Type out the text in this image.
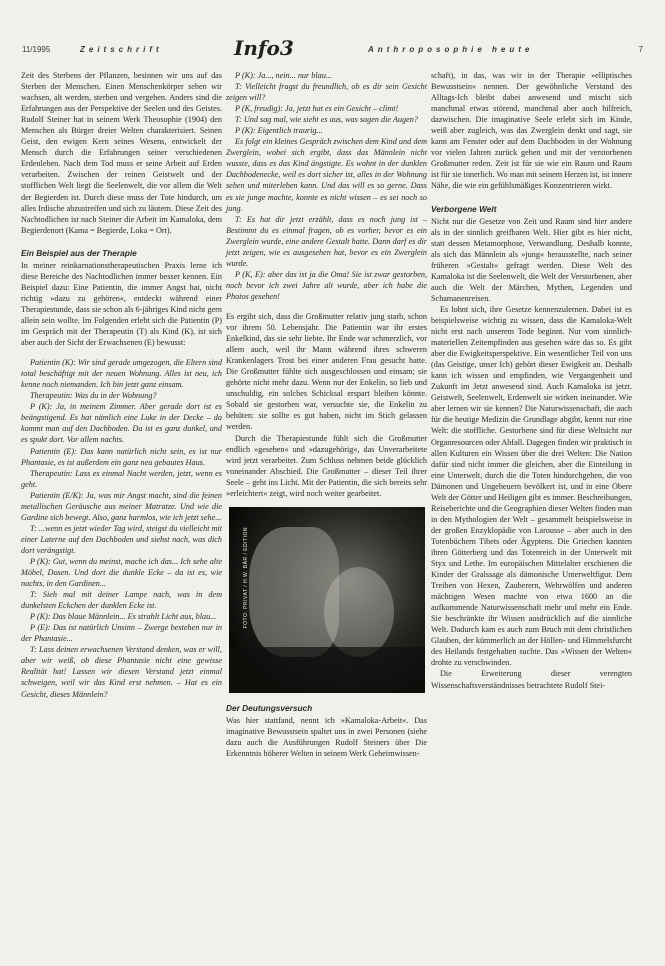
11/1995	Zeitschrift	Info3	Anthroposophie heute	7

Zeit des Sterbens der Pflanzen, besinnen wir uns auf das Sterben der Menschen. Einen Menschenkörper sehen wir wachsen, alt werden, sterben und vergehen. Anders sind die Erfahrungen aus der Perspektive der Seelen und des Geistes. Rudolf Steiner hat in seinem Werk Theosophie (1904) den Menschen als Bürger dreier Welten charakterisiert. Seinen Geist, den ewigen Kern seines Wesens, entwickelt der Mensch durch die Erfahrungen seiner verschiedenen Erdenleben. Nach dem Tod muss er seine Arbeit auf Erden verarbeiten. Zwischen der reinen Geistwelt und der stofflichen Welt liegt die Seelenwelt, die vor allem die Welt der Begierden ist. Durch diese muss der Tote hindurch, um alles Irdische abzustreifen und sich zu läutern. Diese Zeit des Nachtodlichen ist nach Steiner die Arbeit im Kamaloka, dem Begierdenort (Kama = Begierde, Loka = Ort).

Ein Beispiel aus der Therapie

In meiner reinkarnationstherapeutischen Praxis lerne ich diese Bereiche des Nachtodlichen immer besser kennen. Ein Beispiel dazu: Eine Patientin, die immer Angst hat, nicht richtig »dazu zu gehören«, entdeckt während einer Therapiestunde, dass sie schon als 6-jähriges Kind nicht gern allein sein wollte. Im Folgenden erlebt sich die Patientin (P) im Gespräch mit der Therapeutin (T) als Kind (K), ist sich aber auch der Sicht der Erwachsenen (E) bewusst:

Patientin (K): Wir sind gerade umgezogen, die Eltern sind total beschäftigt mit der neuen Wohnung. Alles ist neu, ich kenne noch niemanden. Ich bin jetzt ganz einsam.

Therapeutin: Was du in der Wohnung?

P (K): Ja, in meinem Zimmer. Aber gerade dort ist es beängstigend. Es hat nämlich eine Luke in der Decke – da kommt man auf den Dachboden. Da ist es ganz dunkel, und es spukt dort. Vor allem nachts.

Patientin (E): Das kann natürlich nicht sein, es ist nur Phantasie, es ist außerdem ein ganz neu gebautes Haus.

Therapeutin: Lass es einmal Nacht werden, jetzt, wenn es geht.

Patientin (E/K): Ja, was mir Angst macht, sind die feinen metallischen Geräusche aus meiner Matratze. Und wie die Gardine sich bewegt. Also, ganz harmlos, wie ich jetzt sehe...

T: ...wenn es jetzt wieder Tag wird, steigst du vielleicht mit einer Laterne auf den Dachboden und siehst nach, was dich dort verängstigt.

P (K): Gut, wenn du meinst, mache ich das... Ich sehe alte Möbel, Dosen. Und dort die dunkle Ecke – da ist es, wie nachts, in den Gardinen...

T: Sieh mal mit deiner Lampe nach, was in dem dunkelsten Eckchen der dunklen Ecke ist.

P (K): Das blaue Männlein... Es strahlt Licht aus, blau...

P (E): Das ist natürlich Unsinn – Zwerge bestehen nur in der Phantasie...

T: Lass deinen erwachsenen Verstand denken, was er will, aber wir weiß, ob diese Phantasie nicht eine gewisse Realität hat! Lassen wir diesen Verstand jetzt einmal schweigen, weil wir das Kind erst nehmen. – Hat es ein Gesicht, dieses Männlein?

P (K): Ja..., nein... nur blau...

T: Vielleicht fragst du freundlich, ob es dir sein Gesicht zeigen will?

P (K, freudig): Ja, jetzt hat es ein Gesicht – climt!

T: Und sag mal, wie sieht es aus, was sagen die Augen?

P (K): Eigentlich traurig...

Es folgt ein kleines Gespräch zwischen dem Kind und dem Zwerglein, wobei sich ergibt, dass das Männlein nicht wusste, dass es das Kind ängstigte. Es wohnt in der dunklen Dachbodenecke, weil es dort sicher ist, alles in der Wohnung sehen und miterleben kann. Und das will es so gerne. Dass es sie junge machte, konnte es nicht wissen – es sei noch so jung.

T: Es hat dir jetzt erzählt, dass es noch jung ist – Bestimmt du es einmal fragen, ob es vorher, bevor es ein Zwerglein wurde, eine andere Gestalt hatte. Dann darf es dir jetzt zeigen, wie es ausgesehen hat, bevor es ein Zwerglein wurde.

P (K, E): aber das ist ja die Oma! Sie ist zwar gestorben, noch bevor ich zwei Jahre alt wurde, aber ich habe die Photos gesehen!

Es ergibt sich, dass die Großmutter relativ jung starb, schon vor ihrem 50. Lebensjahr. Die Patientin war ihr erstes Enkelkind, das sie sehr liebte. Ihr Ende war schmerzlich, vor allem auch, weil ihr Mann während ihres schweren Krankenlagers Trost bei einer anderen Frau gesucht hatte. Die Großmutter fühlte sich ausgeschlossen und einsam; sie gehörte nicht mehr dazu. Wenn nur der Enkelin, so lieb und unschuldig, ein solches Schicksal erspart bleiben könnte. Sobald sie gestorben war, versuchte sie, die Enkelin zu behüten: sie sollte es gut haben, nicht im Stich gelassen werden.

Durch die Therapiestunde fühlt sich die Großmutter endlich »gesehen« und »dazugehörig«, das Unverarbeitete wird jetzt verarbeitet. Zum Schluss nehmen beide glücklich voneinander Abschied. Die Großmutter – dieser Teil ihrer Seele – geht ins Licht. Mit der Patientin, die sich bereits sehr »erleichtert« zeigt, wird noch weiter gearbeitet.

FOTO: PRIVAT / H.W. BÄR / EDITION
Der Deutungsversuch

Was hier stattfand, nennt ich »Kamaloka-Arbeit«. Das imaginative Bewusstsein spaltet uns in zwei Personen (siehe dazu auch die Ausführungen Rudolf Steiners über Die Erkenntnis höherer Welten in seinem Werk Geheimwissen-

schaft), in das, was wir in der Therapie »elliptisches Bewusstsein« nennen. Der gewöhnliche Verstand des Alltags-Ich bleibt dabei anwesend und mischt sich manchmal etwas störend, manchmal aber auch hilfreich, dazwischen. Die imaginative Seele erlebt sich im Kinde, weiß aber zugleich, was das Zwerglein denkt und sagt, sie kann am Fenster oder auf dem Dachboden in der Wohnung vor vielen Jahren zurück gehen und mit der verstorbenen Großmutter reden. Zeit ist für sie wie ein Raum und Raum ist für sie innerlich. Wo man mit seinem Herzen ist, ist innere Nähe, die wie ein gefühlsmäßiges Konzentrieren wirkt.

Verborgene Welt

Nicht nur die Gesetze von Zeit und Raum sind hier andere als in der sinnlich greifbaren Welt. Hier gibt es hier nicht, statt dessen Metamorphose, Verwandlung. Deshalb konnte, als sich das Männlein als »jung« herausstellte, nach seiner früheren »Gestalt« gefragt werden. Diese Welt des Kamaloka ist die Seelenwelt, die Welt der Verstorbenen, aber auch die Welt der Märchen, Mythen, Legenden und Schamanenreisen.

Es lohnt sich, ihre Gesetze kennenzulernen. Dabei ist es beispielsweise wichtig zu wissen, dass die Kamaloka-Welt nicht erst nach unserem Tode beginnt. Nur vom sinnlich-materiellen Zeitempfinden aus gesehen wäre das so. Es gibt aber die Ewigkeitsperspektive. Ein wesentlicher Teil von uns (das Geistige, unser Ich) gehört dieser Ewigkeit an. Deshalb kann ich wissen und empfinden, wie Vergangenheit und Zukunft im Jetzt anwesend sind. Auch Kamaloka ist jetzt. Geistwelt, Seelenwelt, Erdenwelt sie wirken ineinander. Wie aber lernen wir sie kennen? Die Naturwissenschaft, die auch für die heutige Medizin die Grundlage abgibt, kennt nur eine Welt: die stoffliche. Gestorbene sind für diese Weltsicht nur Organresourcen oder Abfall. Dagegen finden wir praktisch in allen Kulturen ein Wissen über die drei Welten: Die Nation dafür sind nicht immer die gleichen, aber die Einteilung in eine Unterwelt, durch die die Toten hindurchgehen, die von Dämonen und Ungeheuern bevölkert ist, und in eine Obere Welt der Götter und Heiligen gibt es immer. Beschreibungen, Reiseberichte und die Geographien dieser Welten finden man in den Mythologien der Welt – gesammelt beispielsweise in der großen Enzyklopädie von Larousse – aber auch in den Totenbüchern Tibets oder Ägyptens. Die Griechen kannten ihren Götterberg und das Totenreich in der Unterwelt mit Styx und Lethe. Im europäischen Mittelalter erschienen die Kinder der Gralssage als dämonische Unterweltfigur. Dem Treiben von Hexen, Zauberern, Wehrwölfen und anderen mächtigen Wesen machte von etwa 1600 an die aufkommende Naturwissenschaft mehr und mehr ein Ende. Sie beschränkte ihr Wissen ausdrücklich auf die sinnliche Welt. Dadurch kam es auch zum Bruch mit dem christlichen Glauben, der kümmerlich an der Höllen- und Himmelsfurcht des Heilands festgehalten suchte. Das »Wissen der Welten« drohte zu verschwinden.

Die Erweiterung dieser verengten Wissenschaftsverständnisses betrachtete Rudolf Stei-
